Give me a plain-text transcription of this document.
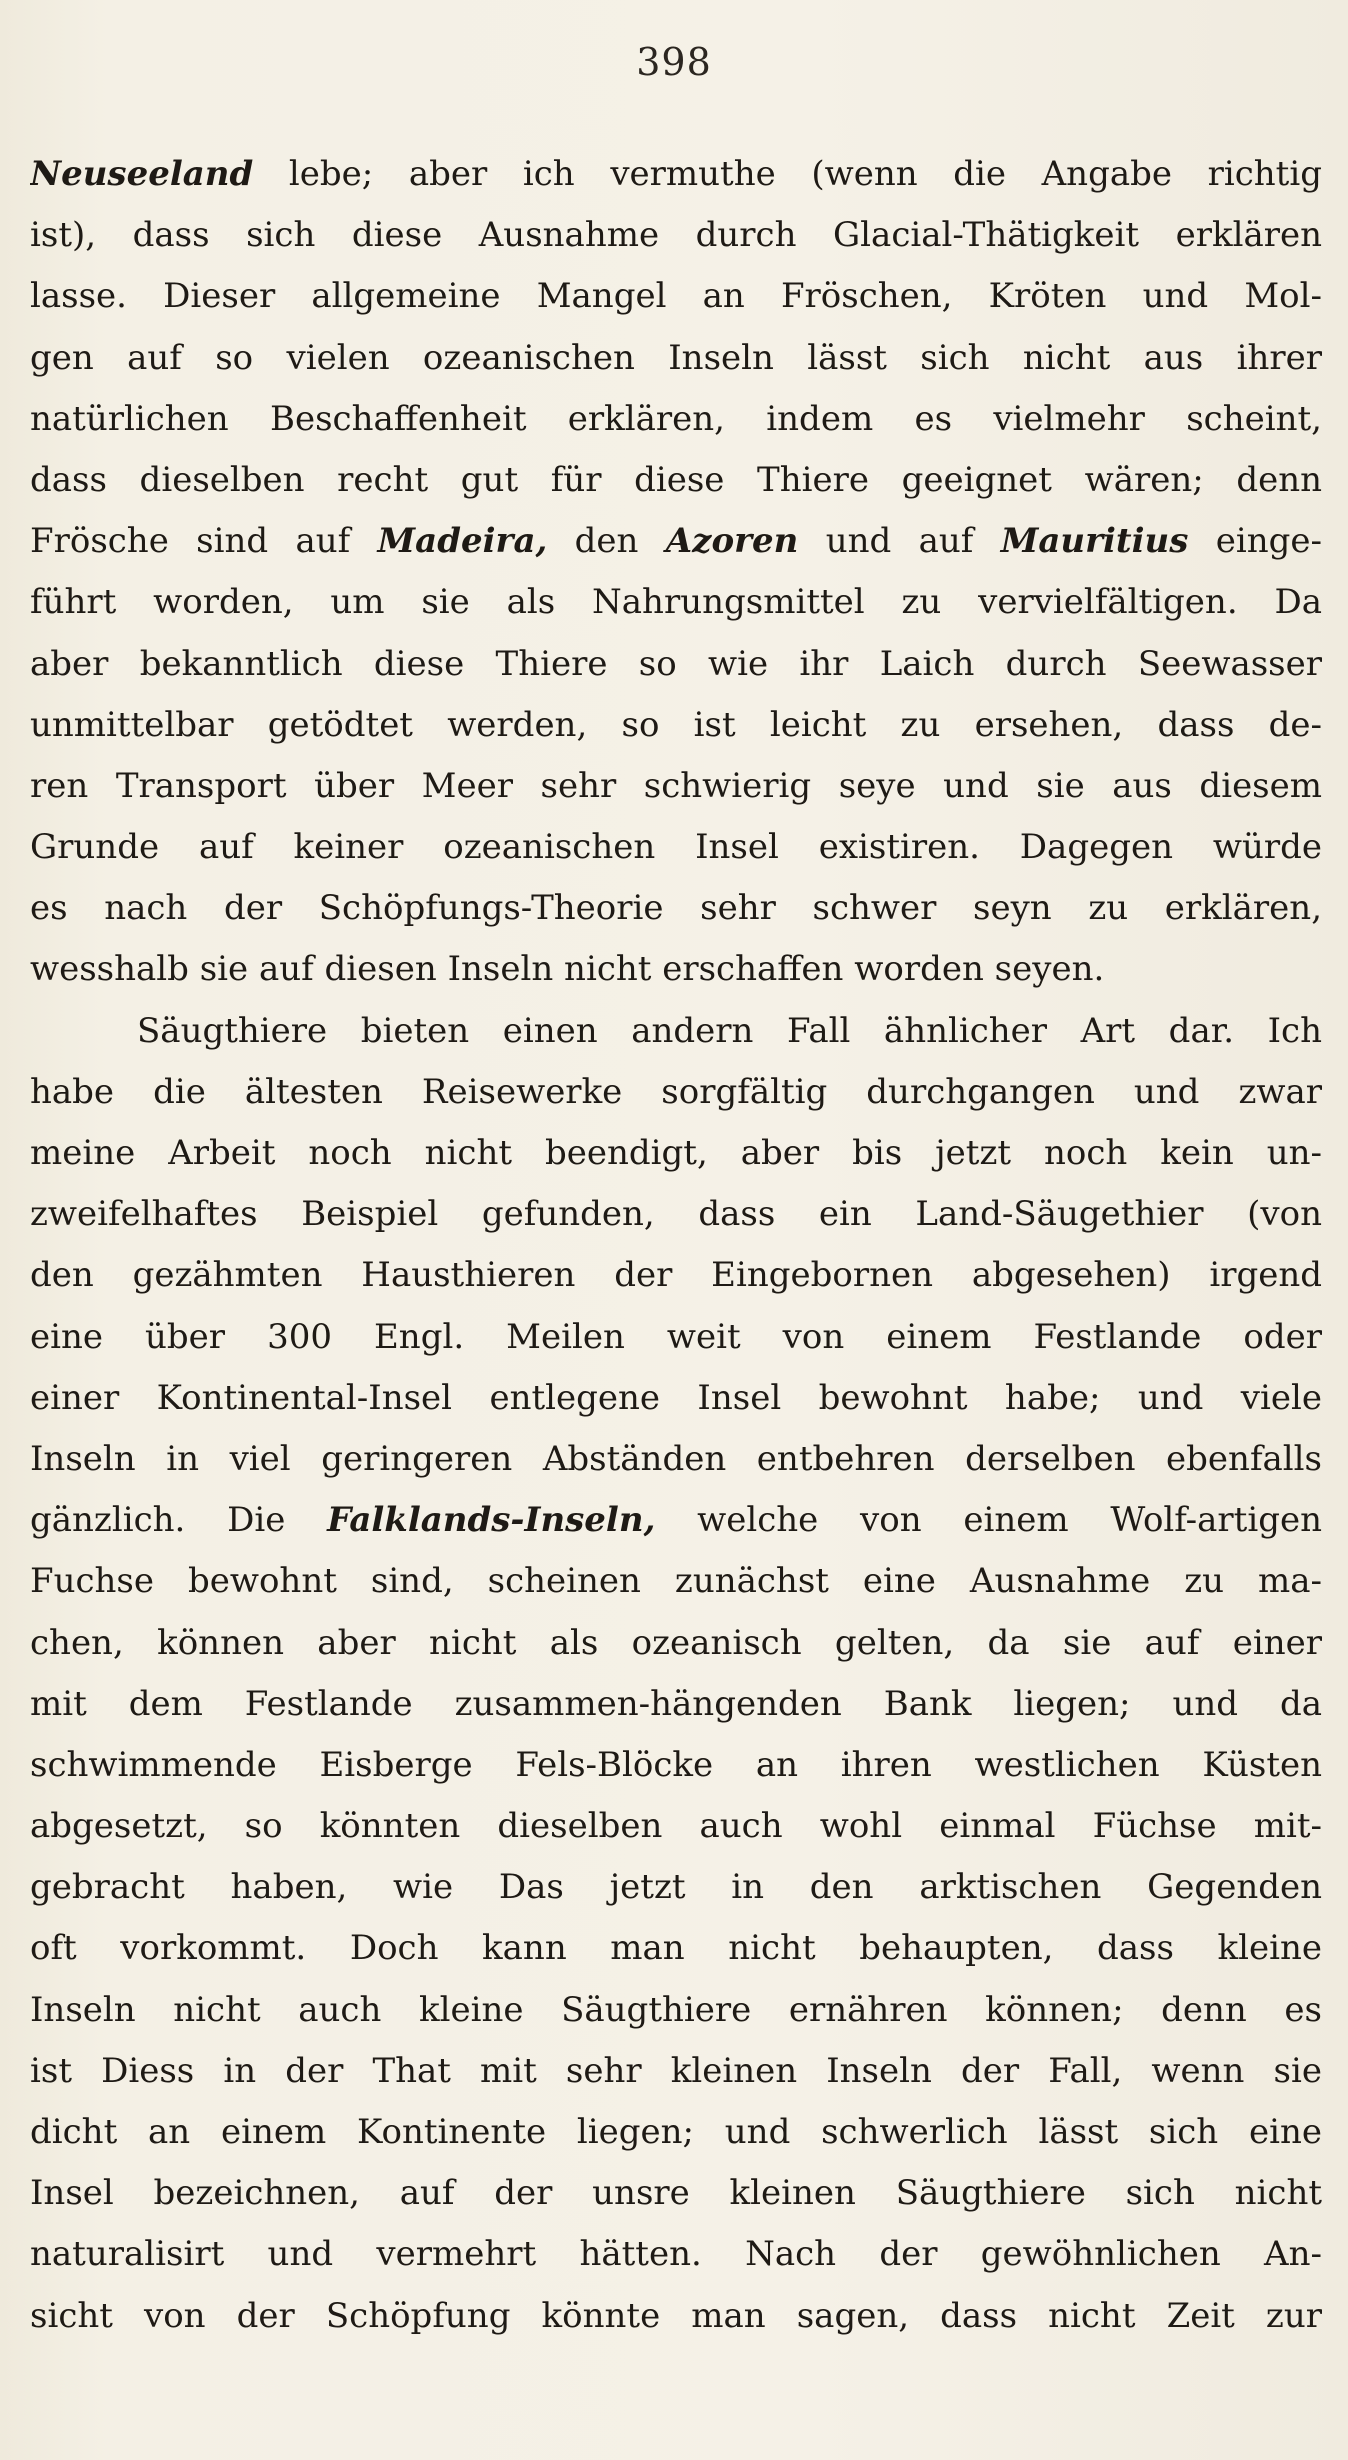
398
Neuseeland lebe; aber ich vermuthe (wenn die Angabe richtig
ist), dass sich diese Ausnahme durch Glacial-Thätigkeit erklären
lasse. Dieser allgemeine Mangel an Fröschen, Kröten und Mol-
gen auf so vielen ozeanischen Inseln lässt sich nicht aus ihrer
natürlichen Beschaffenheit erklären, indem es vielmehr scheint,
dass dieselben recht gut für diese Thiere geeignet wären; denn
Frösche sind auf Madeira, den Azoren und auf Mauritius einge-
führt worden, um sie als Nahrungsmittel zu vervielfältigen. Da
aber bekanntlich diese Thiere so wie ihr Laich durch Seewasser
unmittelbar getödtet werden, so ist leicht zu ersehen, dass de-
ren Transport über Meer sehr schwierig seye und sie aus diesem
Grunde auf keiner ozeanischen Insel existiren. Dagegen würde
es nach der Schöpfungs-Theorie sehr schwer seyn zu erklären,
wesshalb sie auf diesen Inseln nicht erschaffen worden seyen.
Säugthiere bieten einen andern Fall ähnlicher Art dar. Ich
habe die ältesten Reisewerke sorgfältig durchgangen und zwar
meine Arbeit noch nicht beendigt, aber bis jetzt noch kein un-
zweifelhaftes Beispiel gefunden, dass ein Land-Säugethier (von
den gezähmten Hausthieren der Eingebornen abgesehen) irgend
eine über 300 Engl. Meilen weit von einem Festlande oder
einer Kontinental-Insel entlegene Insel bewohnt habe; und viele
Inseln in viel geringeren Abständen entbehren derselben ebenfalls
gänzlich. Die Falklands-Inseln, welche von einem Wolf-artigen
Fuchse bewohnt sind, scheinen zunächst eine Ausnahme zu ma-
chen, können aber nicht als ozeanisch gelten, da sie auf einer
mit dem Festlande zusammen-hängenden Bank liegen; und da
schwimmende Eisberge Fels-Blöcke an ihren westlichen Küsten
abgesetzt, so könnten dieselben auch wohl einmal Füchse mit-
gebracht haben, wie Das jetzt in den arktischen Gegenden
oft vorkommt. Doch kann man nicht behaupten, dass kleine
Inseln nicht auch kleine Säugthiere ernähren können; denn es
ist Diess in der That mit sehr kleinen Inseln der Fall, wenn sie
dicht an einem Kontinente liegen; und schwerlich lässt sich eine
Insel bezeichnen, auf der unsre kleinen Säugthiere sich nicht
naturalisirt und vermehrt hätten. Nach der gewöhnlichen An-
sicht von der Schöpfung könnte man sagen, dass nicht Zeit zur
